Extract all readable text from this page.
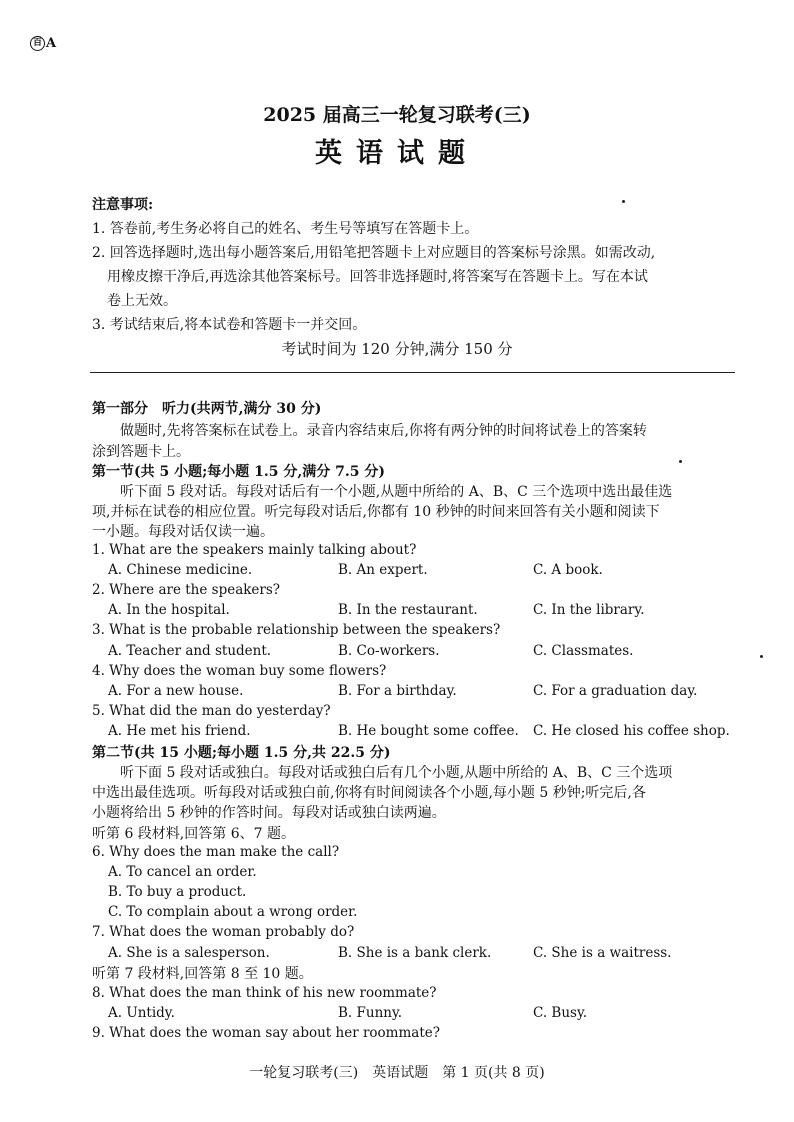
百 A
2025 届高三一轮复习联考(三)
英语试题
注意事项:
1. 答卷前,考生务必将自己的姓名、考生号等填写在答题卡上。
2. 回答选择题时,选出每小题答案后,用铅笔把答题卡上对应题目的答案标号涂黑。如需改动,
用橡皮擦干净后,再选涂其他答案标号。回答非选择题时,将答案写在答题卡上。写在本试
卷上无效。
3. 考试结束后,将本试卷和答题卡一并交回。
考试时间为 120 分钟,满分 150 分
第一部分　听力(共两节,满分 30 分)
做题时,先将答案标在试卷上。录音内容结束后,你将有两分钟的时间将试卷上的答案转
涂到答题卡上。
第一节(共 5 小题;每小题 1.5 分,满分 7.5 分)
听下面 5 段对话。每段对话后有一个小题,从题中所给的 A、B、C 三个选项中选出最佳选
项,并标在试卷的相应位置。听完每段对话后,你都有 10 秒钟的时间来回答有关小题和阅读下
一小题。每段对话仅读一遍。
1. What are the speakers mainly talking about?
A. Chinese medicine.	B. An expert.	C. A book.
2. Where are the speakers?
A. In the hospital.	B. In the restaurant.	C. In the library.
3. What is the probable relationship between the speakers?
A. Teacher and student.	B. Co-workers.	C. Classmates.
4. Why does the woman buy some flowers?
A. For a new house.	B. For a birthday.	C. For a graduation day.
5. What did the man do yesterday?
A. He met his friend.	B. He bought some coffee. C. He closed his coffee shop.
第二节(共 15 小题;每小题 1.5 分,共 22.5 分)
听下面 5 段对话或独白。每段对话或独白后有几个小题,从题中所给的 A、B、C 三个选项
中选出最佳选项。听每段对话或独白前,你将有时间阅读各个小题,每小题 5 秒钟;听完后,各
小题将给出 5 秒钟的作答时间。每段对话或独白读两遍。
听第 6 段材料,回答第 6、7 题。
6. Why does the man make the call?
A. To cancel an order.
B. To buy a product.
C. To complain about a wrong order.
7. What does the woman probably do?
A. She is a salesperson.	B. She is a bank clerk.	C. She is a waitress.
听第 7 段材料,回答第 8 至 10 题。
8. What does the man think of his new roommate?
A. Untidy.	B. Funny.	C. Busy.
9. What does the woman say about her roommate?
一轮复习联考(三)　英语试题　第 1 页(共 8 页)
